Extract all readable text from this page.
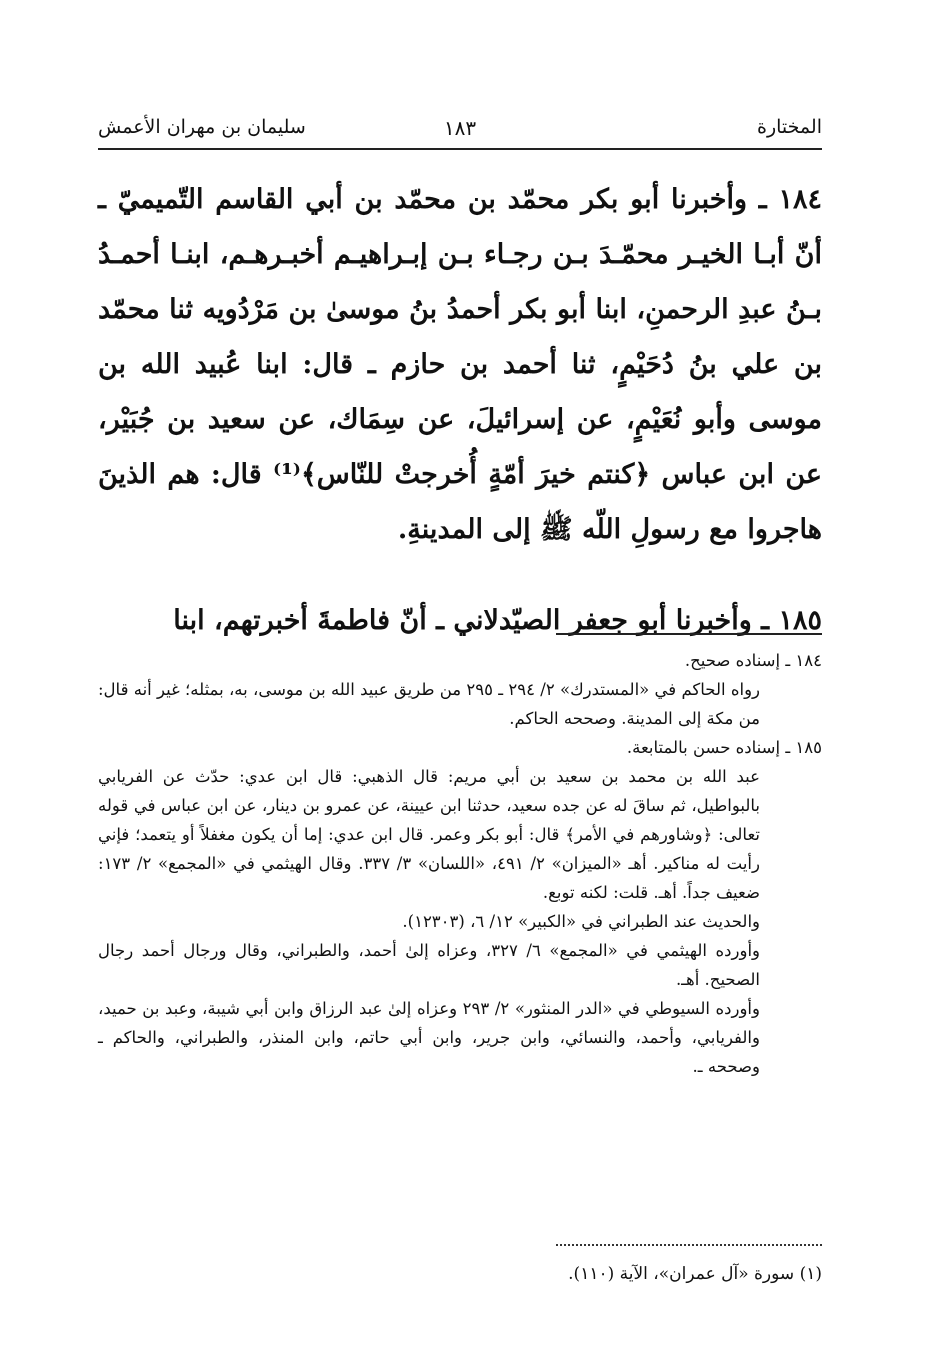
المختارة
١٨٣
سليمان بن مهران الأعمش

١٨٤ ـ وأخبرنا أبو بكر محمّد بن محمّد بن أبي القاسم التّميميّ ـ أنّ أبـا الخيـر محمّـدَ بـن رجـاء بـن إبـراهيـم أخبـرهـم، ابنـا أحمـدُ بـنُ عبدِ الرحمنِ، ابنا أبو بكر أحمدُ بنُ موسىٰ بن مَرْدُويه ثنا محمّد بن علي بنُ دُحَيْمٍ، ثنا أحمد بن حازم ـ قال: ابنا عُبيد الله بن موسى وأبو نُعَيْمٍ، عن إسرائيلَ، عن سِمَاك، عن سعيد بن جُبَيْر، عن ابن عباس ﴿كنتم خيرَ أمّةٍ أُخرجتْ للنّاس﴾⁽¹⁾ قال: هم الذينَ هاجروا مع رسولِ اللّه ﷺ إلى المدينةِ.

١٨٥ ـ وأخبرنا أبو جعفر الصيّدلاني ـ أنّ فاطمةَ أخبرتهم، ابنا

١٨٤ ـ إسناده صحيح.

رواه الحاكم في «المستدرك» ٢/ ٢٩٤ ـ ٢٩٥ من طريق عبيد الله بن موسى، به، بمثله؛ غير أنه قال: من مكة إلى المدينة. وصححه الحاكم.

١٨٥ ـ إسناده حسن بالمتابعة.

عبد الله بن محمد بن سعيد بن أبي مريم: قال الذهبي: قال ابن عدي: حدّث عن الفريابي بالبواطيل، ثم ساقَ له عن جده سعيد، حدثنا ابن عيينة، عن عمرو بن دينار، عن ابن عباس في قوله تعالى: ﴿وشاورهم في الأمر﴾ قال: أبو بكر وعمر. قال ابن عدي: إما أن يكون مغفلاً أو يتعمد؛ فإني رأيت له مناكير. أهـ «الميزان» ٢/ ٤٩١، «اللسان» ٣/ ٣٣٧. وقال الهيثمي في «المجمع» ٢/ ١٧٣: ضعيف جداً. أهـ. قلت: لكنه توبع.

والحديث عند الطبراني في «الكبير» ١٢/ ٦، (١٢٣٠٣).

وأورده الهيثمي في «المجمع» ٦/ ٣٢٧، وعزاه إلىٰ أحمد، والطبراني، وقال ورجال أحمد رجال الصحيح. أهـ.

وأورده السيوطي في «الدر المنثور» ٢/ ٢٩٣ وعزاه إلىٰ عبد الرزاق وابن أبي شيبة، وعبد بن حميد، والفريابي، وأحمد، والنسائي، وابن جرير، وابن أبي حاتم، وابن المنذر، والطبراني، والحاكم ـ وصححه ـ.

(١) سورة «آل عمران»، الآية (١١٠).
